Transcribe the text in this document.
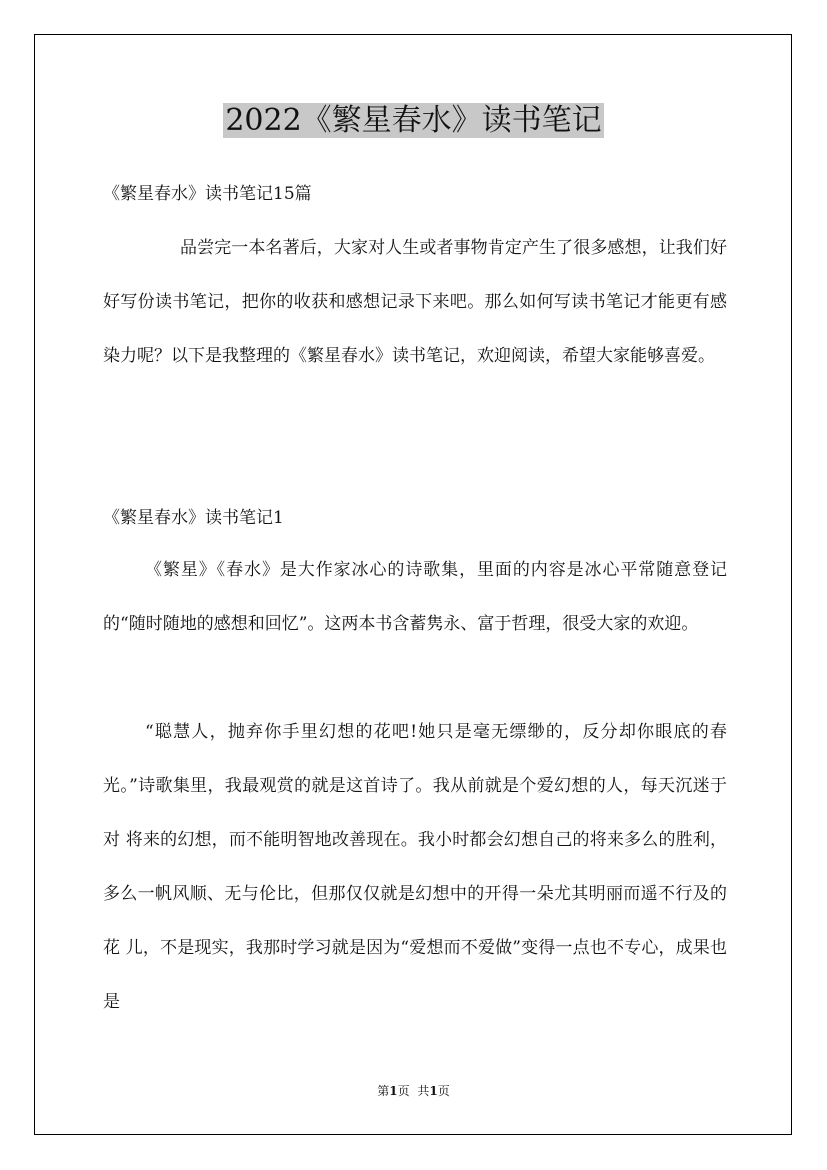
2022《繁星春水》读书笔记

《繁星春水》读书笔记15篇

品尝完一本名著后，大家对人生或者事物肯定产生了很多感想，让我们好好写份读书笔记，把你的收获和感想记录下来吧。那么如何写读书笔记才能更有感染力呢？以下是我整理的《繁星春水》读书笔记，欢迎阅读，希望大家能够喜爱。

《繁星春水》读书笔记1

《繁星》《春水》是大作家冰心的诗歌集，里面的内容是冰心平常随意登记的“随时随地的感想和回忆”。这两本书含蓄隽永、富于哲理，很受大家的欢迎。

“聪慧人，抛弃你手里幻想的花吧!她只是毫无缥缈的，反分却你眼底的春光。”诗歌集里，我最观赏的就是这首诗了。我从前就是个爱幻想的人，每天沉迷于对 将来的幻想，而不能明智地改善现在。我小时都会幻想自己的将来多么的胜利，多么一帆风顺、无与伦比，但那仅仅就是幻想中的开得一朵尤其明丽而遥不行及的花 儿，不是现实，我那时学习就是因为“爱想而不爱做”变得一点也不专心，成果也是

第1页 共1页
